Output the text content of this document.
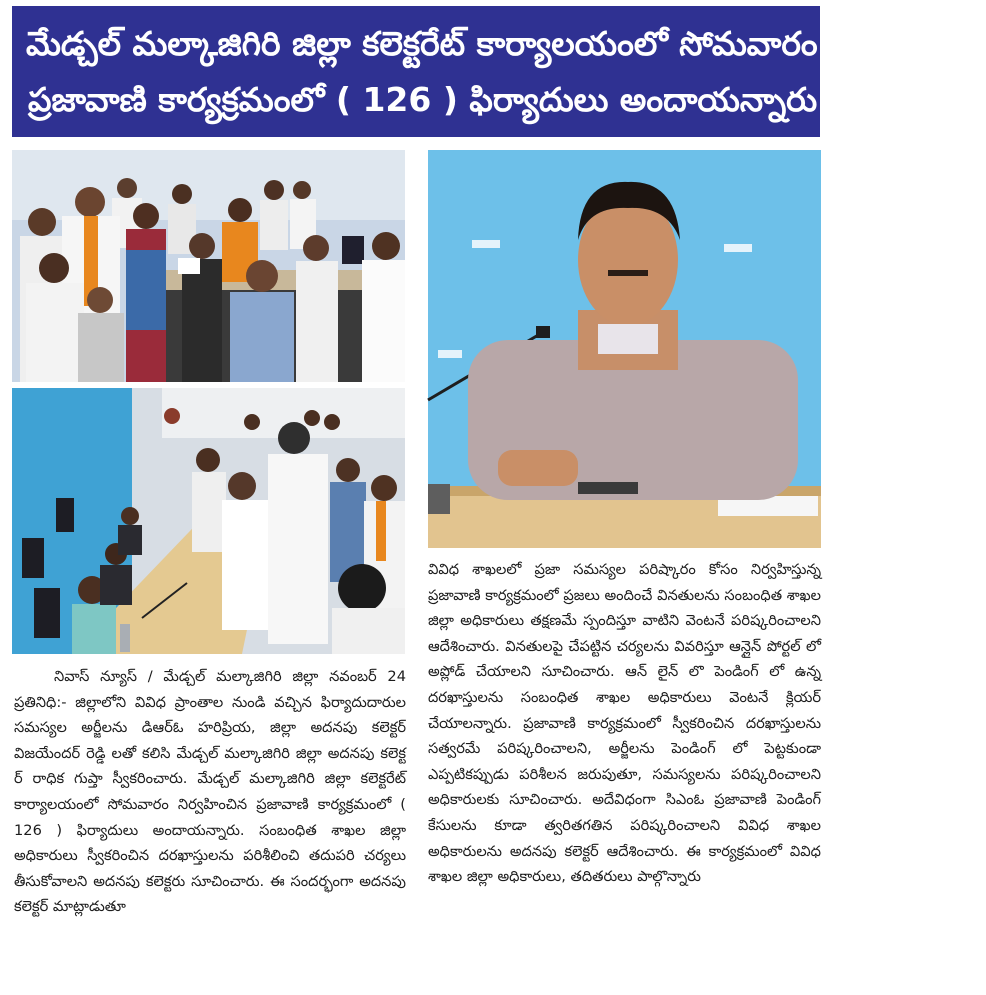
మేడ్చల్ మల్కాజిగిరి జిల్లా కలెక్టరేట్ కార్యాలయంలో సోమవారం నిర్వహించిన
ప్రజావాణి కార్యక్రమంలో ( 126 ) ఫిర్యాదులు అందాయన్నారు.

నివాస్ న్యూస్ / మేడ్చల్ మల్కాజిగిరి జిల్లా నవంబర్ 24 ప్రతినిధి:- జిల్లాలోని వివిధ ప్రాంతాల నుండి వచ్చిన ఫిర్యాదుదారుల సమస్యల అర్జీలను డిఆర్ఓ హరిప్రియ, జిల్లా అదనపు కలెక్టర్ విజయేందర్ రెడ్డి లతో కలిసి మేడ్చల్ మల్కాజిగిరి జిల్లా అదనపు కలెక్ట ర్ రాధిక గుప్తా స్వీకరించారు. మేడ్చల్ మల్కాజిగిరి జిల్లా కలెక్టరేట్ కార్యాలయంలో సోమవారం నిర్వహించిన ప్రజావాణి కార్యక్రమంలో ( 126 ) ఫిర్యాదులు అందాయన్నారు. సంబంధిత శాఖల జిల్లా అధికారులు స్వీకరించిన దరఖాస్తులను పరిశీలించి తదుపరి చర్యలు తీసుకోవాలని అదనపు కలెక్టరు సూచించారు. ఈ సందర్భంగా అదనపు కలెక్టర్ మాట్లాడుతూ

వివిధ శాఖలలో ప్రజా సమస్యల పరిష్కారం కోసం నిర్వహిస్తున్న ప్రజావాణి కార్యక్రమంలో ప్రజలు అందించే వినతులను సంబంధిత శాఖల జిల్లా అధికారులు తక్షణమే స్పందిస్తూ వాటిని వెంటనే పరిష్కరించాలని ఆదేశించారు. వినతులపై చేపట్టిన చర్యలను వివరిస్తూ ఆన్లైన్ పోర్టల్ లో అప్లోడ్ చేయాలని సూచించారు. ఆన్ లైన్ లొ పెండింగ్ లో ఉన్న దరఖాస్తులను సంబంధిత శాఖల అధికారులు వెంటనే క్లియర్ చేయాలన్నారు. ప్రజావాణి కార్యక్రమంలో స్వీకరించిన దరఖాస్తులను సత్వరమే పరిష్కరించాలని, అర్జీలను పెండింగ్ లో పెట్టకుండా ఎప్పటికప్పుడు పరిశీలన జరుపుతూ, సమస్యలను పరిష్కరించాలని అధికారులకు సూచించారు. అదేవిధంగా సిఎంఓ ప్రజావాణి పెండింగ్ కేసులను కూడా త్వరితగతిన పరిష్కరించాలని వివిధ శాఖల అధికారులను అదనపు కలెక్టర్ ఆదేశించారు. ఈ కార్యక్రమంలో వివిధ శాఖల జిల్లా అధికారులు, తదితరులు పాల్గొన్నారు
